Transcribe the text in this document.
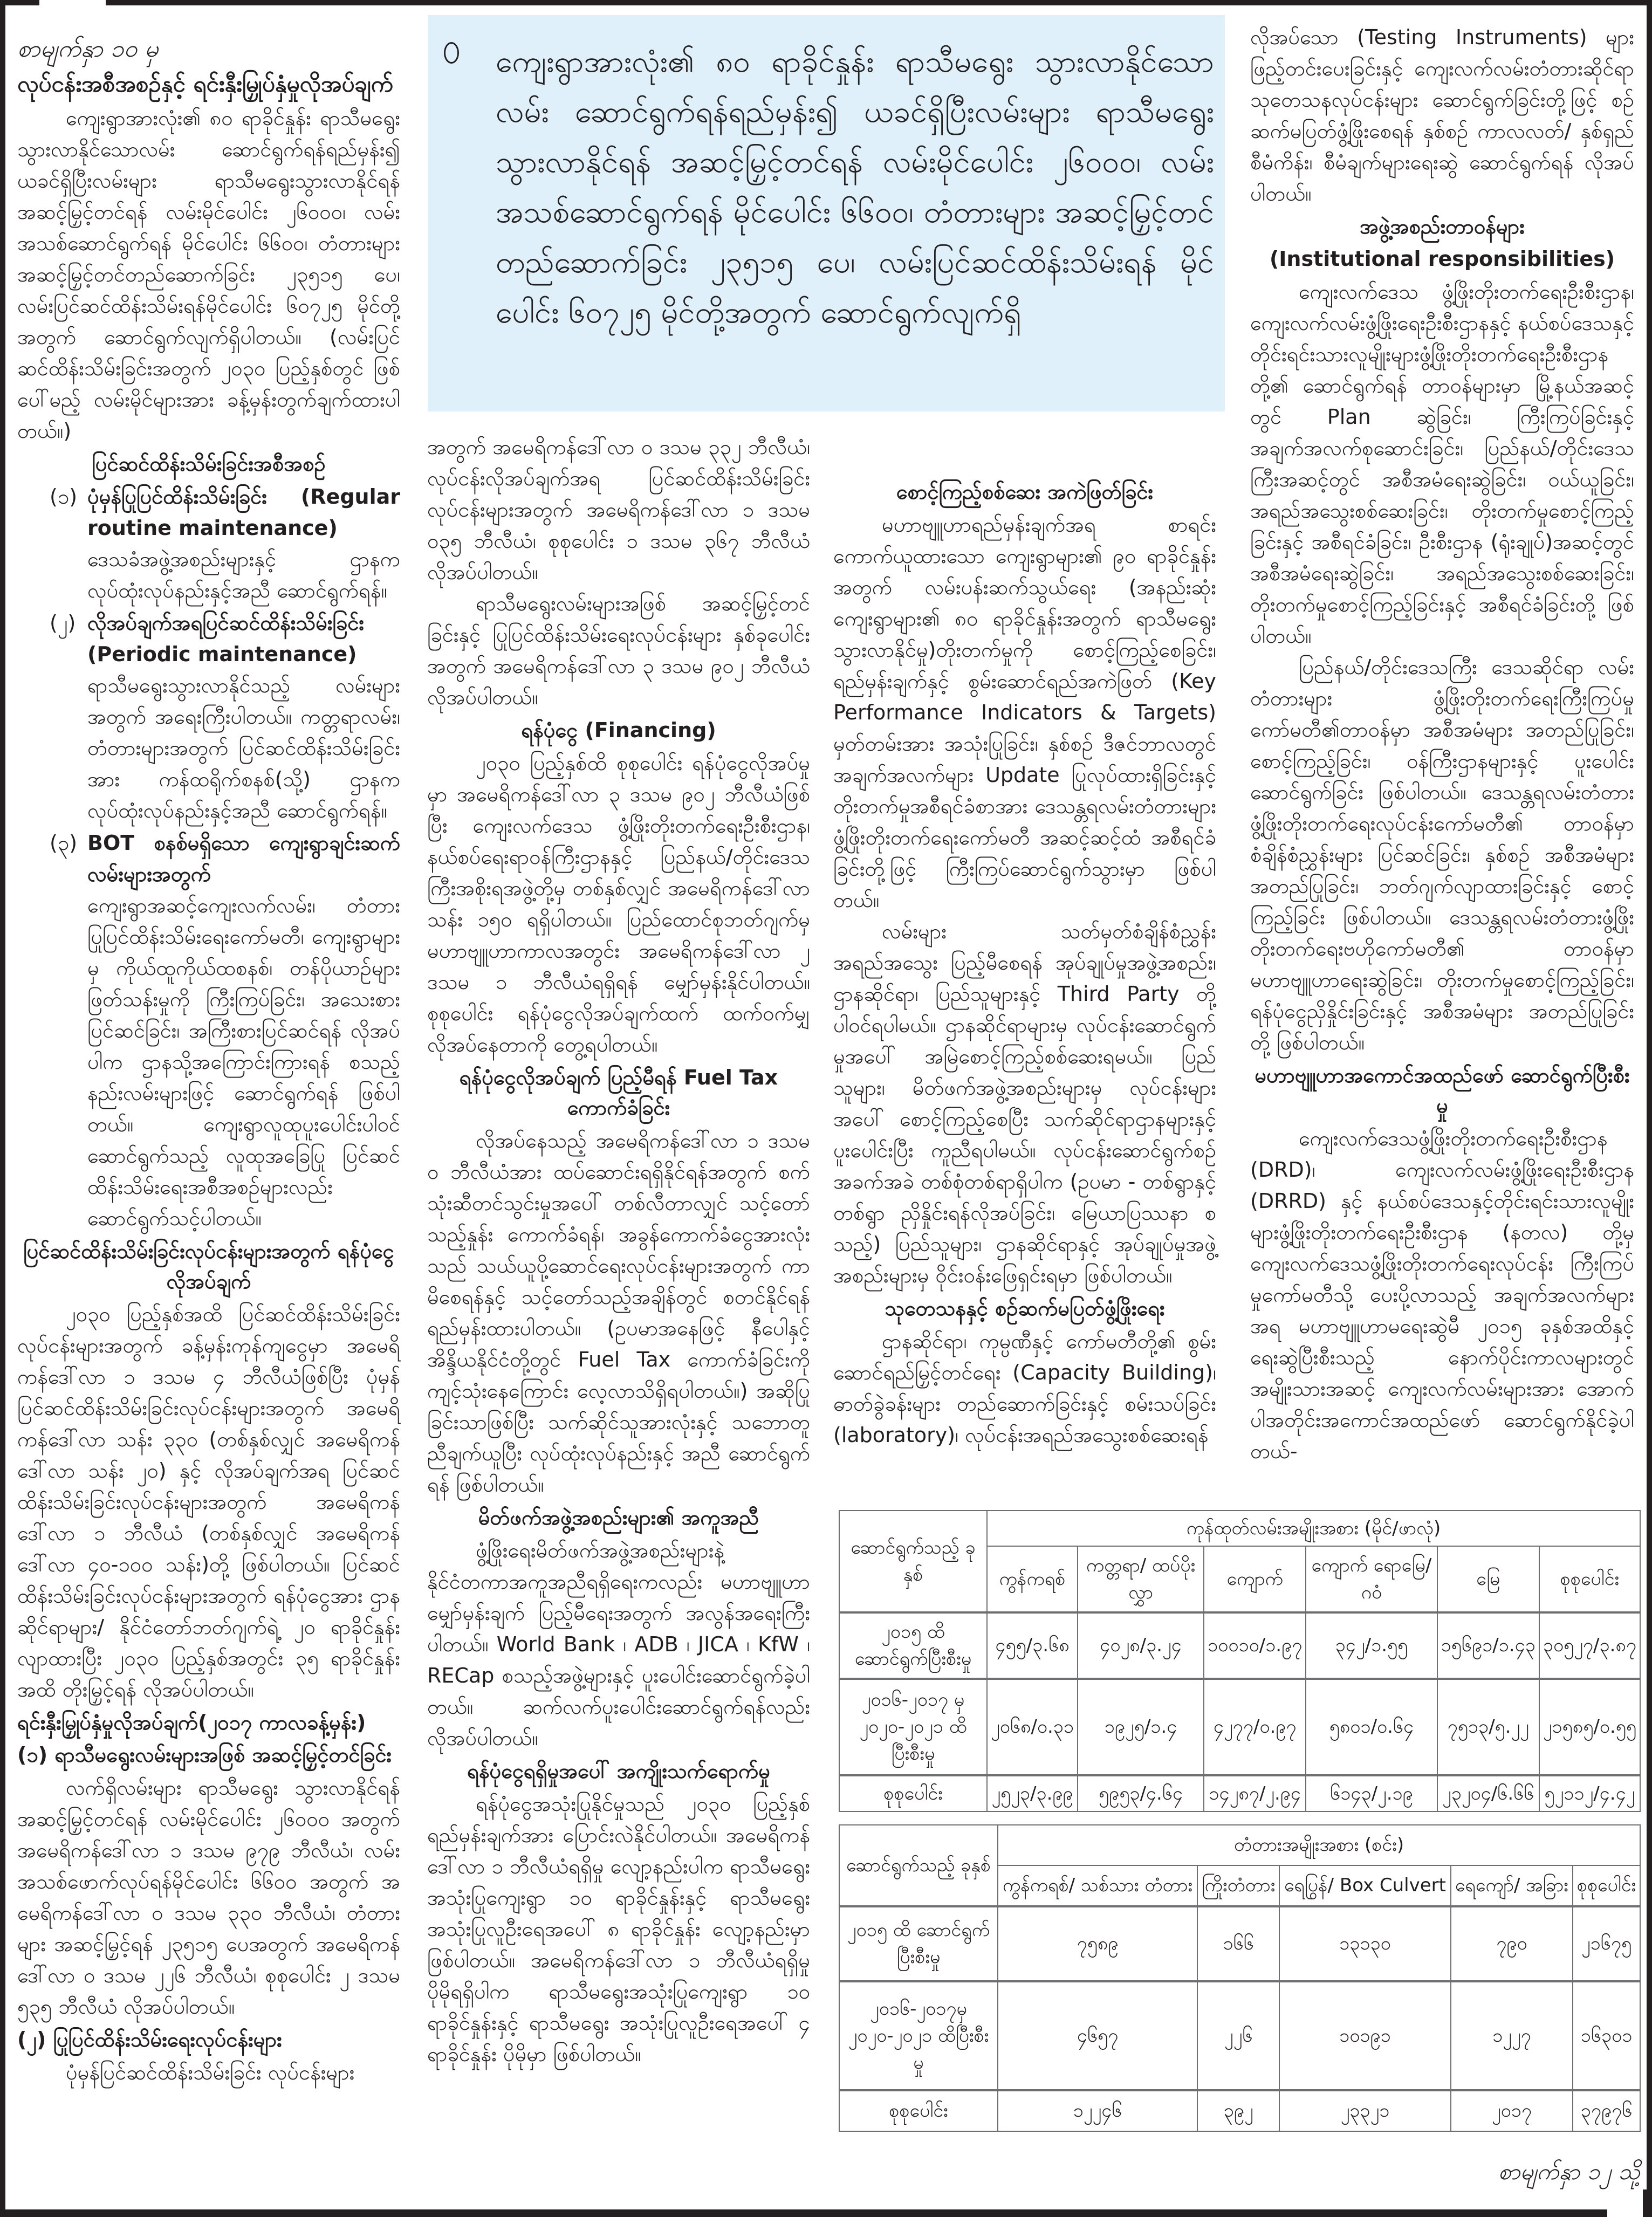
စာမျက်နှာ ၁၀ မှ
လုပ်ငန်းအစီအစဉ်နှင့် ရင်းနှီးမြှုပ်နှံမှုလိုအပ်ချက်

ကျေးရွာအားလုံး၏ ၈၀ ရာခိုင်နှုန်း ရာသီမရွေး သွားလာနိုင်သောလမ်း ဆောင်ရွက်ရန်ရည်မှန်း၍ ယခင်ရှိပြီးလမ်းများ ရာသီမရွေးသွားလာနိုင်ရန် အဆင့်မြှင့်တင်ရန် လမ်းမိုင်ပေါင်း ၂၆၀၀၀၊ လမ်းအသစ်ဆောင်ရွက်ရန် မိုင်ပေါင်း ၆၆၀၀၊ တံတားများ အဆင့်မြှင့်တင်တည်ဆောက်ခြင်း ၂၃၅၁၅ ပေ၊ လမ်းပြင်ဆင်ထိန်းသိမ်းရန်မိုင်ပေါင်း ၆၀၇၂၅ မိုင်တို့အတွက် ဆောင်ရွက်လျက်ရှိပါတယ်။ (လမ်းပြင်ဆင်ထိန်းသိမ်းခြင်းအတွက် ၂၀၃၀ ပြည့်နှစ်တွင် ဖြစ်ပေါ်မည့် လမ်းမိုင်များအား ခန့်မှန်းတွက်ချက်ထားပါတယ်။)

ပြင်ဆင်ထိန်းသိမ်းခြင်းအစီအစဉ်
(၁) ပုံမှန်ပြုပြင်ထိန်းသိမ်းခြင်း (Regular routine maintenance)

ဒေသခံအဖွဲ့အစည်းများနှင့် ဌာနက လုပ်ထုံးလုပ်နည်းနှင့်အညီ ဆောင်ရွက်ရန်။

(၂) လိုအပ်ချက်အရပြင်ဆင်ထိန်းသိမ်းခြင်း (Periodic maintenance)

ရာသီမရွေးသွားလာနိုင်သည့် လမ်းများအတွက် အရေးကြီးပါတယ်။ ကတ္တရာလမ်း၊ တံတားများအတွက် ပြင်ဆင်ထိန်းသိမ်းခြင်းအား ကန်ထရိုက်စနစ်(သို့) ဌာနက လုပ်ထုံးလုပ်နည်းနှင့်အညီ ဆောင်ရွက်ရန်။

(၃) BOT စနစ်မရှိသော ကျေးရွာချင်းဆက် လမ်းများအတွက်

ကျေးရွာအဆင့်ကျေးလက်လမ်း၊ တံတားပြုပြင်ထိန်းသိမ်းရေးကော်မတီ၊ ကျေးရွာများမှ ကိုယ်ထူကိုယ်ထစနစ်၊ တန်ပိုယာဉ်များ ဖြတ်သန်းမှုကို ကြီးကြပ်ခြင်း၊ အသေးစားပြင်ဆင်ခြင်း၊ အကြီးစားပြင်ဆင်ရန် လိုအပ်ပါက ဌာနသို့အကြောင်းကြားရန် စသည့်နည်းလမ်းများဖြင့် ဆောင်ရွက်ရန် ဖြစ်ပါတယ်။ ကျေးရွာလူထုပူးပေါင်းပါဝင်ဆောင်ရွက်သည့် လူထုအခြေပြု ပြင်ဆင်ထိန်းသိမ်းရေးအစီအစဉ်များလည်း ဆောင်ရွက်သင့်ပါတယ်။

ပြင်ဆင်ထိန်းသိမ်းခြင်းလုပ်ငန်းများအတွက် ရန်ပုံငွေလိုအပ်ချက်

၂၀၃၀ ပြည့်နှစ်အထိ ပြင်ဆင်ထိန်းသိမ်းခြင်းလုပ်ငန်းများအတွက် ခန့်မှန်းကုန်ကျငွေမှာ အမေရိကန်ဒေါ်လာ ၁ ဒသမ ၄ ဘီလီယံဖြစ်ပြီး ပုံမှန်ပြင်ဆင်ထိန်းသိမ်းခြင်းလုပ်ငန်းများအတွက် အမေရိကန်ဒေါ်လာ သန်း ၃၃၀ (တစ်နှစ်လျှင် အမေရိကန်ဒေါ်လာ သန်း ၂၀) နှင့် လိုအပ်ချက်အရ ပြင်ဆင်ထိန်းသိမ်းခြင်းလုပ်ငန်းများအတွက် အမေရိကန်ဒေါ်လာ ၁ ဘီလီယံ (တစ်နှစ်လျှင် အမေရိကန်ဒေါ်လာ ၄၀-၁၀၀ သန်း)တို့ ဖြစ်ပါတယ်။ ပြင်ဆင်ထိန်းသိမ်းခြင်းလုပ်ငန်းများအတွက် ရန်ပုံငွေအား ဌာနဆိုင်ရာများ/ နိုင်ငံတော်ဘတ်ဂျက်ရဲ့ ၂၀ ရာခိုင်နှုန်း လျာထားပြီး ၂၀၃၀ ပြည့်နှစ်အတွင်း ၃၅ ရာခိုင်နှုန်းအထိ တိုးမြှင့်ရန် လိုအပ်ပါတယ်။

ရင်းနှီးမြှုပ်နှံမှုလိုအပ်ချက်(၂၀၁၇ ကာလခန့်မှန်း)
(၁) ရာသီမရွေးလမ်းများအဖြစ် အဆင့်မြှင့်တင်ခြင်း

လက်ရှိလမ်းများ ရာသီမရွေး သွားလာနိုင်ရန် အဆင့်မြှင့်တင်ရန် လမ်းမိုင်ပေါင်း ၂၆၀၀၀ အတွက် အမေရိကန်ဒေါ်လာ ၁ ဒသမ ၉၇၉ ဘီလီယံ၊ လမ်းအသစ်ဖောက်လုပ်ရန်မိုင်ပေါင်း ၆၆၀၀ အတွက် အမေရိကန်ဒေါ်လာ ၀ ဒသမ ၃၃၀ ဘီလီယံ၊ တံတားများ အဆင့်မြှင့်ရန် ၂၃၅၁၅ ပေအတွက် အမေရိကန်ဒေါ်လာ ၀ ဒသမ ၂၂၆ ဘီလီယံ၊ စုစုပေါင်း ၂ ဒသမ ၅၃၅ ဘီလီယံ လိုအပ်ပါတယ်။

(၂) ပြုပြင်ထိန်းသိမ်းရေးလုပ်ငန်းများ

ပုံမှန်ပြင်ဆင်ထိန်းသိမ်းခြင်း လုပ်ငန်းများ

ကျေးရွာအားလုံး၏ ၈၀ ရာခိုင်နှုန်း ရာသီမရွေး သွားလာနိုင်သောလမ်း ဆောင်ရွက်ရန်ရည်မှန်း၍ ယခင်ရှိပြီးလမ်းများ ရာသီမရွေးသွားလာနိုင်ရန် အဆင့်မြှင့်တင်ရန် လမ်းမိုင်ပေါင်း ၂၆၀၀၀၊ လမ်းအသစ်ဆောင်ရွက်ရန် မိုင်ပေါင်း ၆၆၀၀၊ တံတားများ အဆင့်မြှင့်တင်တည်ဆောက်ခြင်း ၂၃၅၁၅ ပေ၊ လမ်းပြင်ဆင်ထိန်းသိမ်းရန် မိုင်ပေါင်း ၆၀၇၂၅ မိုင်တို့အတွက် ဆောင်ရွက်လျက်ရှိ

အတွက် အမေရိကန်ဒေါ်လာ ၀ ဒသမ ၃၃၂ ဘီလီယံ၊ လုပ်ငန်းလိုအပ်ချက်အရ ပြင်ဆင်ထိန်းသိမ်းခြင်းလုပ်ငန်းများအတွက် အမေရိကန်ဒေါ်လာ ၁ ဒသမ ၀၃၅ ဘီလီယံ၊ စုစုပေါင်း ၁ ဒသမ ၃၆၇ ဘီလီယံ လိုအပ်ပါတယ်။

ရာသီမရွေးလမ်းများအဖြစ် အဆင့်မြှင့်တင်ခြင်းနှင့် ပြုပြင်ထိန်းသိမ်းရေးလုပ်ငန်းများ နှစ်ခုပေါင်းအတွက် အမေရိကန်ဒေါ်လာ ၃ ဒသမ ၉၀၂ ဘီလီယံ လိုအပ်ပါတယ်။

ရန်ပုံငွေ (Financing)

၂၀၃၀ ပြည့်နှစ်ထိ စုစုပေါင်း ရန်ပုံငွေလိုအပ်မှုမှာ အမေရိကန်ဒေါ်လာ ၃ ဒသမ ၉၀၂ ဘီလီယံဖြစ်ပြီး ကျေးလက်ဒေသ ဖွံ့ဖြိုးတိုးတက်ရေးဦးစီးဌာန၊ နယ်စပ်ရေးရာဝန်ကြီးဌာနနှင့် ပြည်နယ်/တိုင်းဒေသကြီးအစိုးရအဖွဲ့တို့မှ တစ်နှစ်လျှင် အမေရိကန်ဒေါ်လာ သန်း ၁၅၀ ရရှိပါတယ်။ ပြည်ထောင်စုဘတ်ဂျက်မှ မဟာဗျူဟာကာလအတွင်း အမေရိကန်ဒေါ်လာ ၂ ဒသမ ၁ ဘီလီယံရရှိရန် မျှော်မှန်းနိုင်ပါတယ်။ စုစုပေါင်း ရန်ပုံငွေလိုအပ်ချက်ထက် ထက်ဝက်မျှလိုအပ်နေတာကို တွေ့ရပါတယ်။

ရန်ပုံငွေလိုအပ်ချက် ပြည့်မီရန် Fuel Tax ကောက်ခံခြင်း

လိုအပ်နေသည့် အမေရိကန်ဒေါ်လာ ၁ ဒသမ ၀ ဘီလီယံအား ထပ်ဆောင်းရရှိနိုင်ရန်အတွက် စက်သုံးဆီတင်သွင်းမှုအပေါ် တစ်လီတာလျှင် သင့်တော်သည့်နှုန်း ကောက်ခံရန်၊ အခွန်ကောက်ခံငွေအားလုံးသည် သယ်ယူပို့ဆောင်ရေးလုပ်ငန်းများအတွက် ကာမိစေရန်နှင့် သင့်တော်သည့်အချိန်တွင် စတင်နိုင်ရန် ရည်မှန်းထားပါတယ်။ (ဥပမာအနေဖြင့် နီပေါနှင့် အိန္ဒိယနိုင်ငံတို့တွင် Fuel Tax ကောက်ခံခြင်းကို ကျင့်သုံးနေကြောင်း လေ့လာသိရှိရပါတယ်။) အဆိုပြုခြင်းသာဖြစ်ပြီး သက်ဆိုင်သူအားလုံးနှင့် သဘောတူညီချက်ယူပြီး လုပ်ထုံးလုပ်နည်းနှင့် အညီ ဆောင်ရွက်ရန် ဖြစ်ပါတယ်။

မိတ်ဖက်အဖွဲ့အစည်းများ၏ အကူအညီ

ဖွံ့ဖြိုးရေးမိတ်ဖက်အဖွဲ့အစည်းများနဲ့ နိုင်ငံတကာအကူအညီရရှိရေးကလည်း မဟာဗျူဟာမျှော်မှန်းချက် ပြည့်မီရေးအတွက် အလွန်အရေးကြီးပါတယ်။ World Bank ၊ ADB ၊ JICA ၊ KfW ၊ RECap စသည့်အဖွဲ့များနှင့် ပူးပေါင်းဆောင်ရွက်ခဲ့ပါတယ်။ ဆက်လက်ပူးပေါင်းဆောင်ရွက်ရန်လည်း လိုအပ်ပါတယ်။

ရန်ပုံငွေရရှိမှုအပေါ် အကျိုးသက်ရောက်မှု

ရန်ပုံငွေအသုံးပြုနိုင်မှုသည် ၂၀၃၀ ပြည့်နှစ် ရည်မှန်းချက်အား ပြောင်းလဲနိုင်ပါတယ်။ အမေရိကန်ဒေါ်လာ ၁ ဘီလီယံရရှိမှု လျော့နည်းပါက ရာသီမရွေးအသုံးပြုကျေးရွာ ၁၀ ရာခိုင်နှုန်းနှင့် ရာသီမရွေး အသုံးပြုလူဦးရေအပေါ် ၈ ရာခိုင်နှုန်း လျော့နည်းမှာ ဖြစ်ပါတယ်။ အမေရိကန်ဒေါ်လာ ၁ ဘီလီယံရရှိမှု ပိုမိုရရှိပါက ရာသီမရွေးအသုံးပြုကျေးရွာ ၁၀ ရာခိုင်နှုန်းနှင့် ရာသီမရွေး အသုံးပြုလူဦးရေအပေါ် ၄ ရာခိုင်နှုန်း ပိုမိုမှာ ဖြစ်ပါတယ်။

စောင့်ကြည့်စစ်ဆေး အကဲဖြတ်ခြင်း

မဟာဗျူဟာရည်မှန်းချက်အရ စာရင်းကောက်ယူထားသော ကျေးရွာများ၏ ၉၀ ရာခိုင်နှုန်းအတွက် လမ်းပန်းဆက်သွယ်ရေး (အနည်းဆုံး ကျေးရွာများ၏ ၈၀ ရာခိုင်နှုန်းအတွက် ရာသီမရွေး သွားလာနိုင်မှု)တိုးတက်မှုကို စောင့်ကြည့်စေခြင်း၊ ရည်မှန်းချက်နှင့် စွမ်းဆောင်ရည်အကဲဖြတ် (Key Performance Indicators & Targets) မှတ်တမ်းအား အသုံးပြုခြင်း၊ နှစ်စဉ် ဒီဇင်ဘာလတွင် အချက်အလက်များ Update ပြုလုပ်ထားရှိခြင်းနှင့် တိုးတက်မှုအစီရင်ခံစာအား ဒေသန္တရလမ်းတံတားများ ဖွံ့ဖြိုးတိုးတက်ရေးကော်မတီ အဆင့်ဆင့်ထံ အစီရင်ခံခြင်းတို့ဖြင့် ကြီးကြပ်ဆောင်ရွက်သွားမှာ ဖြစ်ပါတယ်။

လမ်းများ သတ်မှတ်စံချိန်စံညွှန်း အရည်အသွေး ပြည့်မီစေရန် အုပ်ချုပ်မှုအဖွဲ့အစည်း၊ ဌာနဆိုင်ရာ၊ ပြည်သူများနှင့် Third Party တို့ ပါဝင်ရပါမယ်။ ဌာနဆိုင်ရာများမှ လုပ်ငန်းဆောင်ရွက်မှုအပေါ် အမြဲစောင့်ကြည့်စစ်ဆေးရမယ်။ ပြည်သူများ၊ မိတ်ဖက်အဖွဲ့အစည်းများမှ လုပ်ငန်းများအပေါ် စောင့်ကြည့်စေပြီး သက်ဆိုင်ရာဌာနများနှင့် ပူးပေါင်းပြီး ကူညီရပါမယ်။ လုပ်ငန်းဆောင်ရွက်စဉ် အခက်အခဲ တစ်စုံတစ်ရာရှိပါက (ဥပမာ - တစ်ရွာနှင့်တစ်ရွာ ညှိနှိုင်းရန်လိုအပ်ခြင်း၊ မြေယာပြဿနာ စသည့်) ပြည်သူများ၊ ဌာနဆိုင်ရာနှင့် အုပ်ချုပ်မှုအဖွဲ့အစည်းများမှ ဝိုင်းဝန်းဖြေရှင်းရမှာ ဖြစ်ပါတယ်။

သုတေသနနှင့် စဉ်ဆက်မပြတ်ဖွံ့ဖြိုးရေး

ဌာနဆိုင်ရာ၊ ကုမ္ပဏီနှင့် ကော်မတီတို့၏ စွမ်းဆောင်ရည်မြှင့်တင်ရေး (Capacity Building)၊ ဓာတ်ခွဲခန်းများ တည်ဆောက်ခြင်းနှင့် စမ်းသပ်ခြင်း (laboratory)၊ လုပ်ငန်းအရည်အသွေးစစ်ဆေးရန်

လိုအပ်သော (Testing Instruments) များ ဖြည့်တင်းပေးခြင်းနှင့် ကျေးလက်လမ်းတံတားဆိုင်ရာ သုတေသနလုပ်ငန်းများ ဆောင်ရွက်ခြင်းတို့ဖြင့် စဉ်ဆက်မပြတ်ဖွံ့ဖြိုးစေရန် နှစ်စဉ် ကာလလတ်/ နှစ်ရှည် စီမံကိန်း၊ စီမံချက်များရေးဆွဲ ဆောင်ရွက်ရန် လိုအပ်ပါတယ်။

အဖွဲ့အစည်းတာဝန်များ
(Institutional responsibilities)

ကျေးလက်ဒေသ ဖွံ့ဖြိုးတိုးတက်ရေးဦးစီးဌာန၊ ကျေးလက်လမ်းဖွံ့ဖြိုးရေးဦးစီးဌာနနှင့် နယ်စပ်ဒေသနှင့် တိုင်းရင်းသားလူမျိုးများဖွံ့ဖြိုးတိုးတက်ရေးဦးစီးဌာနတို့၏ ဆောင်ရွက်ရန် တာဝန်များမှာ မြို့နယ်အဆင့်တွင် Plan ဆွဲခြင်း၊ ကြီးကြပ်ခြင်းနှင့် အချက်အလက်စုဆောင်းခြင်း၊ ပြည်နယ်/တိုင်းဒေသကြီးအဆင့်တွင် အစီအမံရေးဆွဲခြင်း၊ ဝယ်ယူခြင်း၊ အရည်အသွေးစစ်ဆေးခြင်း၊ တိုးတက်မှုစောင့်ကြည့်ခြင်းနှင့် အစီရင်ခံခြင်း၊ ဦးစီးဌာန (ရုံးချုပ်)အဆင့်တွင် အစီအမံရေးဆွဲခြင်း၊ အရည်အသွေးစစ်ဆေးခြင်း၊ တိုးတက်မှုစောင့်ကြည့်ခြင်းနှင့် အစီရင်ခံခြင်းတို့ ဖြစ်ပါတယ်။

ပြည်နယ်/တိုင်းဒေသကြီး ဒေသဆိုင်ရာ လမ်းတံတားများ ဖွံ့ဖြိုးတိုးတက်ရေးကြီးကြပ်မှု ကော်မတီ၏တာဝန်မှာ အစီအမံများ အတည်ပြုခြင်း၊ စောင့်ကြည့်ခြင်း၊ ဝန်ကြီးဌာနများနှင့် ပူးပေါင်းဆောင်ရွက်ခြင်း ဖြစ်ပါတယ်။ ဒေသန္တရလမ်းတံတား ဖွံ့ဖြိုးတိုးတက်ရေးလုပ်ငန်းကော်မတီ၏ တာဝန်မှာ စံချိန်စံညွှန်းများ ပြင်ဆင်ခြင်း၊ နှစ်စဉ် အစီအမံများ အတည်ပြုခြင်း၊ ဘတ်ဂျက်လျာထားခြင်းနှင့် စောင့်ကြည့်ခြင်း ဖြစ်ပါတယ်။ ဒေသန္တရလမ်းတံတားဖွံ့ဖြိုးတိုးတက်ရေးဗဟိုကော်မတီ၏ တာဝန်မှာ မဟာဗျူဟာရေးဆွဲခြင်း၊ တိုးတက်မှုစောင့်ကြည့်ခြင်း၊ ရန်ပုံငွေညှိနှိုင်းခြင်းနှင့် အစီအမံများ အတည်ပြုခြင်းတို့ ဖြစ်ပါတယ်။

မဟာဗျူဟာအကောင်အထည်ဖော် ဆောင်ရွက်ပြီးစီးမှု

ကျေးလက်ဒေသဖွံ့ဖြိုးတိုးတက်ရေးဦးစီးဌာန (DRD)၊ ကျေးလက်လမ်းဖွံ့ဖြိုးရေးဦးစီးဌာန (DRRD) နှင့် နယ်စပ်ဒေသနှင့်တိုင်းရင်းသားလူမျိုးများဖွံ့ဖြိုးတိုးတက်ရေးဦးစီးဌာန (နတလ) တို့မှ ကျေးလက်ဒေသဖွံ့ဖြိုးတိုးတက်ရေးလုပ်ငန်း ကြီးကြပ်မှုကော်မတီသို့ ပေးပို့လာသည့် အချက်အလက်များအရ မဟာဗျူဟာမရေးဆွဲမီ ၂၀၁၅ ခုနှစ်အထိနှင့် ရေးဆွဲပြီးစီးသည့် နောက်ပိုင်းကာလများတွင် အမျိုးသားအဆင့် ကျေးလက်လမ်းများအား အောက်ပါအတိုင်းအကောင်အထည်ဖော် ဆောင်ရွက်နိုင်ခဲ့ပါတယ်-

ဆောင်ရွက်သည့် ခုနှစ်	ကုန်ထုတ်လမ်းအမျိုးအစား (မိုင်/ဖာလုံ)					
	ကွန်ကရစ်	ကတ္တရာ/ ထပ်ပိုးလွှာ	ကျောက်	ကျောက် ရောမြေ/ဂဝံ	မြေ	စုစုပေါင်း
၂၀၁၅ ထိ ဆောင်ရွက်ပြီးစီးမှု	၄၅၅/၃.၆၈	၄၀၂၈/၃.၂၄	၁၀၀၁၀/၁.၉၇	၃၄၂/၁.၅၅	၁၅၆၉၁/၁.၄၃	၃၀၅၂၇/၃.၈၇
၂၀၁၆-၂၀၁၇ မှ ၂၀၂၀-၂၀၂၁ ထိပြီးစီးမှု	၂၀၆၈/၀.၃၁	၁၉၂၅/၁.၄	၄၂၇၇/၀.၉၇	၅၈၀၁/၀.၆၄	၇၅၁၃/၅.၂၂	၂၁၅၈၅/၀.၅၅
စုစုပေါင်း	၂၅၂၃/၃.၉၉	၅၉၅၃/၄.၆၄	၁၄၂၈၇/၂.၉၄	၆၁၄၃/၂.၁၉	၂၃၂၀၄/၆.၆၆	၅၂၁၁၂/၄.၄၂
ဆောင်ရွက်သည့် ခုနှစ်	တံတားအမျိုးအစား (စင်း)				
	ကွန်ကရစ်/ သစ်သား တံတား	ကြိုးတံတား	ရေပြွန်/ Box Culvert	ရေကျော်/ အခြား	စုစုပေါင်း
၂၀၁၅ ထိ ဆောင်ရွက်ပြီးစီးမှု	၇၅၈၉	၁၆၆	၁၃၁၃၀	၇၉၀	၂၁၆၇၅
၂၀၁၆-၂၀၁၇မှ ၂၀၂၀-၂၀၂၁ ထိပြီးစီးမှု	၄၆၅၇	၂၂၆	၁၀၁၉၁	၁၂၂၇	၁၆၃၀၁
စုစုပေါင်း	၁၂၂၄၆	၃၉၂	၂၃၃၂၁	၂၀၁၇	၃၇၉၇၆
စာမျက်နှာ ၁၂ သို့
